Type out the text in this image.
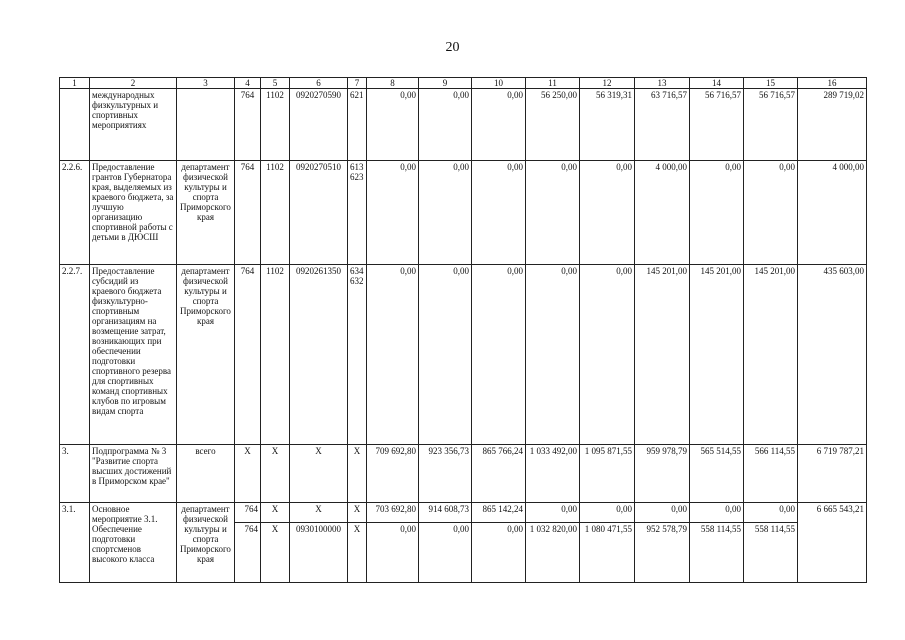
20
1	2	3	4	5	6	7	8	9	10	11	12	13	14	15	16
	международных физкультурных и спортивных мероприятиях		764	1102	0920270590	621	0,00	0,00	0,00	56 250,00	56 319,31	63 716,57	56 716,57	56 716,57	289 719,02
2.2.6.	Предоставление грантов Губернатора края, выделяемых из краевого бюджета, за лучшую организацию спортивной работы с детьми в ДЮСШ	департамент физической культуры и спорта Приморского края	764	1102	0920270510	613 623	0,00	0,00	0,00	0,00	0,00	4 000,00	0,00	0,00	4 000,00
2.2.7.	Предоставление субсидий из краевого бюджета физкультурно-спортивным организациям на возмещение затрат, возникающих при обеспечении подготовки спортивного резерва для спортивных команд спортивных клубов по игровым видам спорта	департамент физической культуры и спорта Приморского края	764	1102	0920261350	634 632	0,00	0,00	0,00	0,00	0,00	145 201,00	145 201,00	145 201,00	435 603,00
3.	Подпрограмма № 3 "Развитие спорта высших достижений в Приморском крае"	всего	X	X	X	X	709 692,80	923 356,73	865 766,24	1 033 492,00	1 095 871,55	959 978,79	565 514,55	566 114,55	6 719 787,21
3.1.	Основное мероприятие 3.1. Обеспечение подготовки спортсменов высокого класса	департамент физической культуры и спорта Приморского края	764	X	X	X	703 692,80	914 608,73	865 142,24	0,00	0,00	0,00	0,00	0,00	6 665 543,21
			764	X	0930100000	X	0,00	0,00	0,00	1 032 820,00	1 080 471,55	952 578,79	558 114,55	558 114,55	
